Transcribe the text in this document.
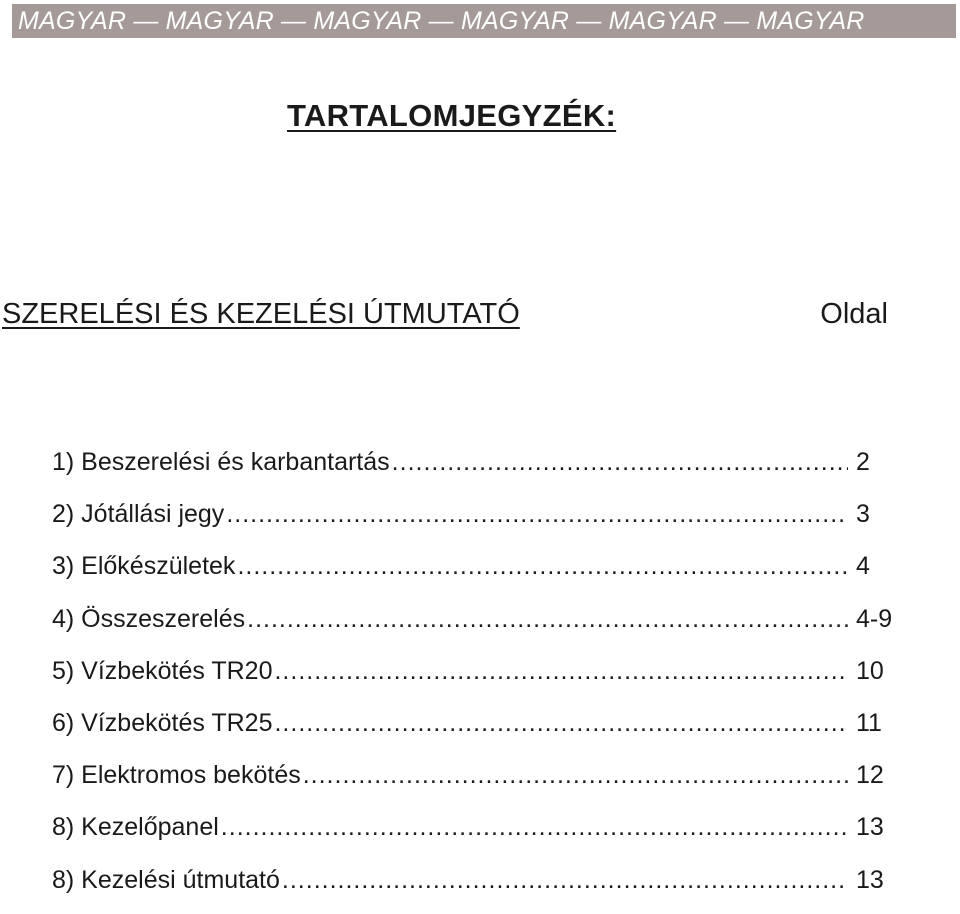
MAGYAR — MAGYAR — MAGYAR — MAGYAR — MAGYAR — MAGYAR
TARTALOMJEGYZÉK:
SZERELÉSI ÉS KEZELÉSI ÚTMUTATÓ	Oldal
1) Beszerelési és karbantartás .....	2
2) Jótállási jegy .....	3
3) Előkészületek .....	4
4) Összeszerelés .....	4-9
5) Vízbekötés TR20 .....	10
6) Vízbekötés TR25 .....	11
7) Elektromos bekötés .....	12
8) Kezelőpanel .....	13
8) Kezelési útmutató .....	13
